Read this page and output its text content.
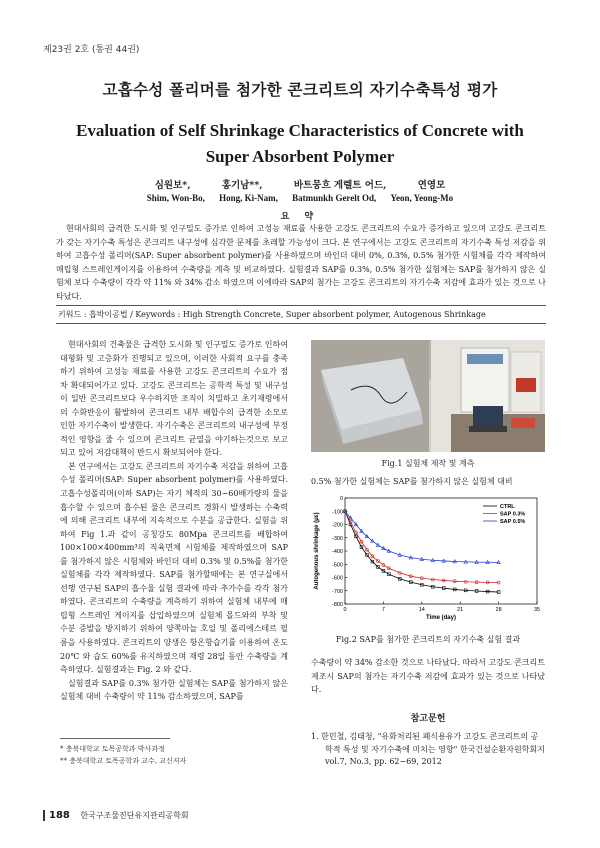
제23권 2호 (통권 44권)
고흡수성 폴리머를 첨가한 콘크리트의 자기수축특성 평가
Evaluation of Self Shrinkage Characteristics of Concrete with
Super Absorbent Polymer
심원보*,	홍기남**,	바트뭉흐 게렐트 어드,	연영모
Shim, Won-Bo, Hong, Ki-Nam, Batmunkh Gerelt Od, Yeon, Yeong-Mo
요 약
현대사회의 급격한 도시화 및 인구밀도 증가로 인하여 고성능 재료를 사용한 고강도 콘크리트의 수요가 증가하고 있으며 고강도 콘크리트가 갖는 자기수축 특성은 콘크리트 내구성에 심각한 문제를 초래할 가능성이 크다. 본 연구에서는 고강도 콘크리트의 자기수축 특성 저감을 위하여 고흡수성 폴리머(SAP: Super absorbent polymer)를 사용하였으며 바인더 대비 0%, 0.3%, 0.5% 첨가한 시험체를 각각 제작하여 매립형 스트레인게이지를 이용하여 수축량을 계측 및 비교하였다. 실험결과 SAP를 0.3%, 0.5% 첨가한 실험체는 SAP를 첨가하지 않은 실험체 보다 수축량이 각각 약 11% 와 34% 감소 하였으며 이에따라 SAP의 첨가는 고강도 콘크리트의 자기수축 저감에 효과가 있는 것으로 나타났다.
키워드 : 흡박이공법 / Keywords : High Strength Concrete, Super absorbent polymer, Autogenous Shrinkage

현대사회의 건축물은 급격한 도시화 및 인구밀도 증가로 인하여 대형화 및 고층화가 진행되고 있으며, 이러한 사회적 요구를 충족하기 위하여 고성능 재료를 사용한 고강도 콘크리트의 수요가 점차 확대되어가고 있다. 고강도 콘크리트는 공학적 특성 및 내구성이 일반 콘크리트보다 우수하지만 조직이 치밀하고 초기재령에서의 수화반응이 활발하여 콘크리트 내부 배합수의 급격한 소모로 인한 자기수축이 발생한다. 자기수축은 콘크리트의 내구성에 부정적인 영향을 줄 수 있으며 콘크리트 균열을 야기하는것으로 보고되고 있어 저감대책이 반드시 확보되어야 한다.

본 연구에서는 고강도 콘크리트의 자기수축 저감을 위하여 고흡수성 폴리머(SAP: Super absorbent polymer)를 사용하였다. 고흡수성폴리머(이하 SAP)는 자기 체적의 30~60배가량의 물을 흡수할 수 있으며 흡수된 물은 콘크리트 경화시 발생하는 수축력에 의해 콘크리트 내부에 지속적으로 수분을 공급한다. 실험을 위하여 Fig 1.과 같이 공칭강도 80Mpa 콘크리트를 배합하여 100×100×400mm³의 직육면체 시험체를 제작하였으며 SAP를 첨가하지 않은 시험체와 바인더 대비 0.3% 및 0.5%를 첨가한 실험체를 각각 제작하였다. SAP를 첨가할때에는 본 연구실에서 선행 연구된 SAP의 흡수율 실험 결과에 따라 추가수를 각각 첨가하였다. 콘크리트의 수축량을 계측하기 위하여 실험체 내부에 매립형 스트레인 게이지를 삽입하였으며 실험체 몰드와의 부착 및 수분 증발을 방지하기 위하여 양쪽마늘 호일 및 폴리에스테르 필름을 사용하였다. 콘크리트의 양생은 항온항습기를 이용하여 온도 20℃ 와 습도 60%를 유지하였으며 재령 28일 동안 수축량을 계측하였다. 실험결과는 Fig. 2 와 같다.

실험결과 SAP를 0.3% 첨가한 실험체는 SAP를 첨가하지 않은 실험체 대비 수축량이 약 11% 감소하였으며, SAP를

* 충북대학교 토목공학과 박사과정
** 충북대학교 토목공학과 교수, 교신저자
Fig.1 실험체 제작 및 계측
0.5% 첨가한 실험체는 SAP를 첨가하지 않은 실험체 대비
0	7	14	21	28	35
0
-100
-200
-300
-400
-500
-600
-700
-800
Time (day)
Autogenous shrinkage (με)
CTRL
SAP 0.3%
SAP 0.5%
Fig.2 SAP를 첨가한 콘크리트의 자기수축 실험 결과
수축량이 약 34% 감소한 것으로 나타났다. 따라서 고강도 콘크리트 제조시 SAP의 첨가는 자기수축 저감에 효과가 있는 것으로 나타났다.
참고문헌
1. 한민철, 김태청, "유화처리된 폐식용유가 고강도 콘크리트의 공학적 특성 및 자기수축에 미치는 영향" 한국건설순환자원학회지 vol.7, No.3, pp. 62~69, 2012
188 한국구조물진단유지관리공학회
